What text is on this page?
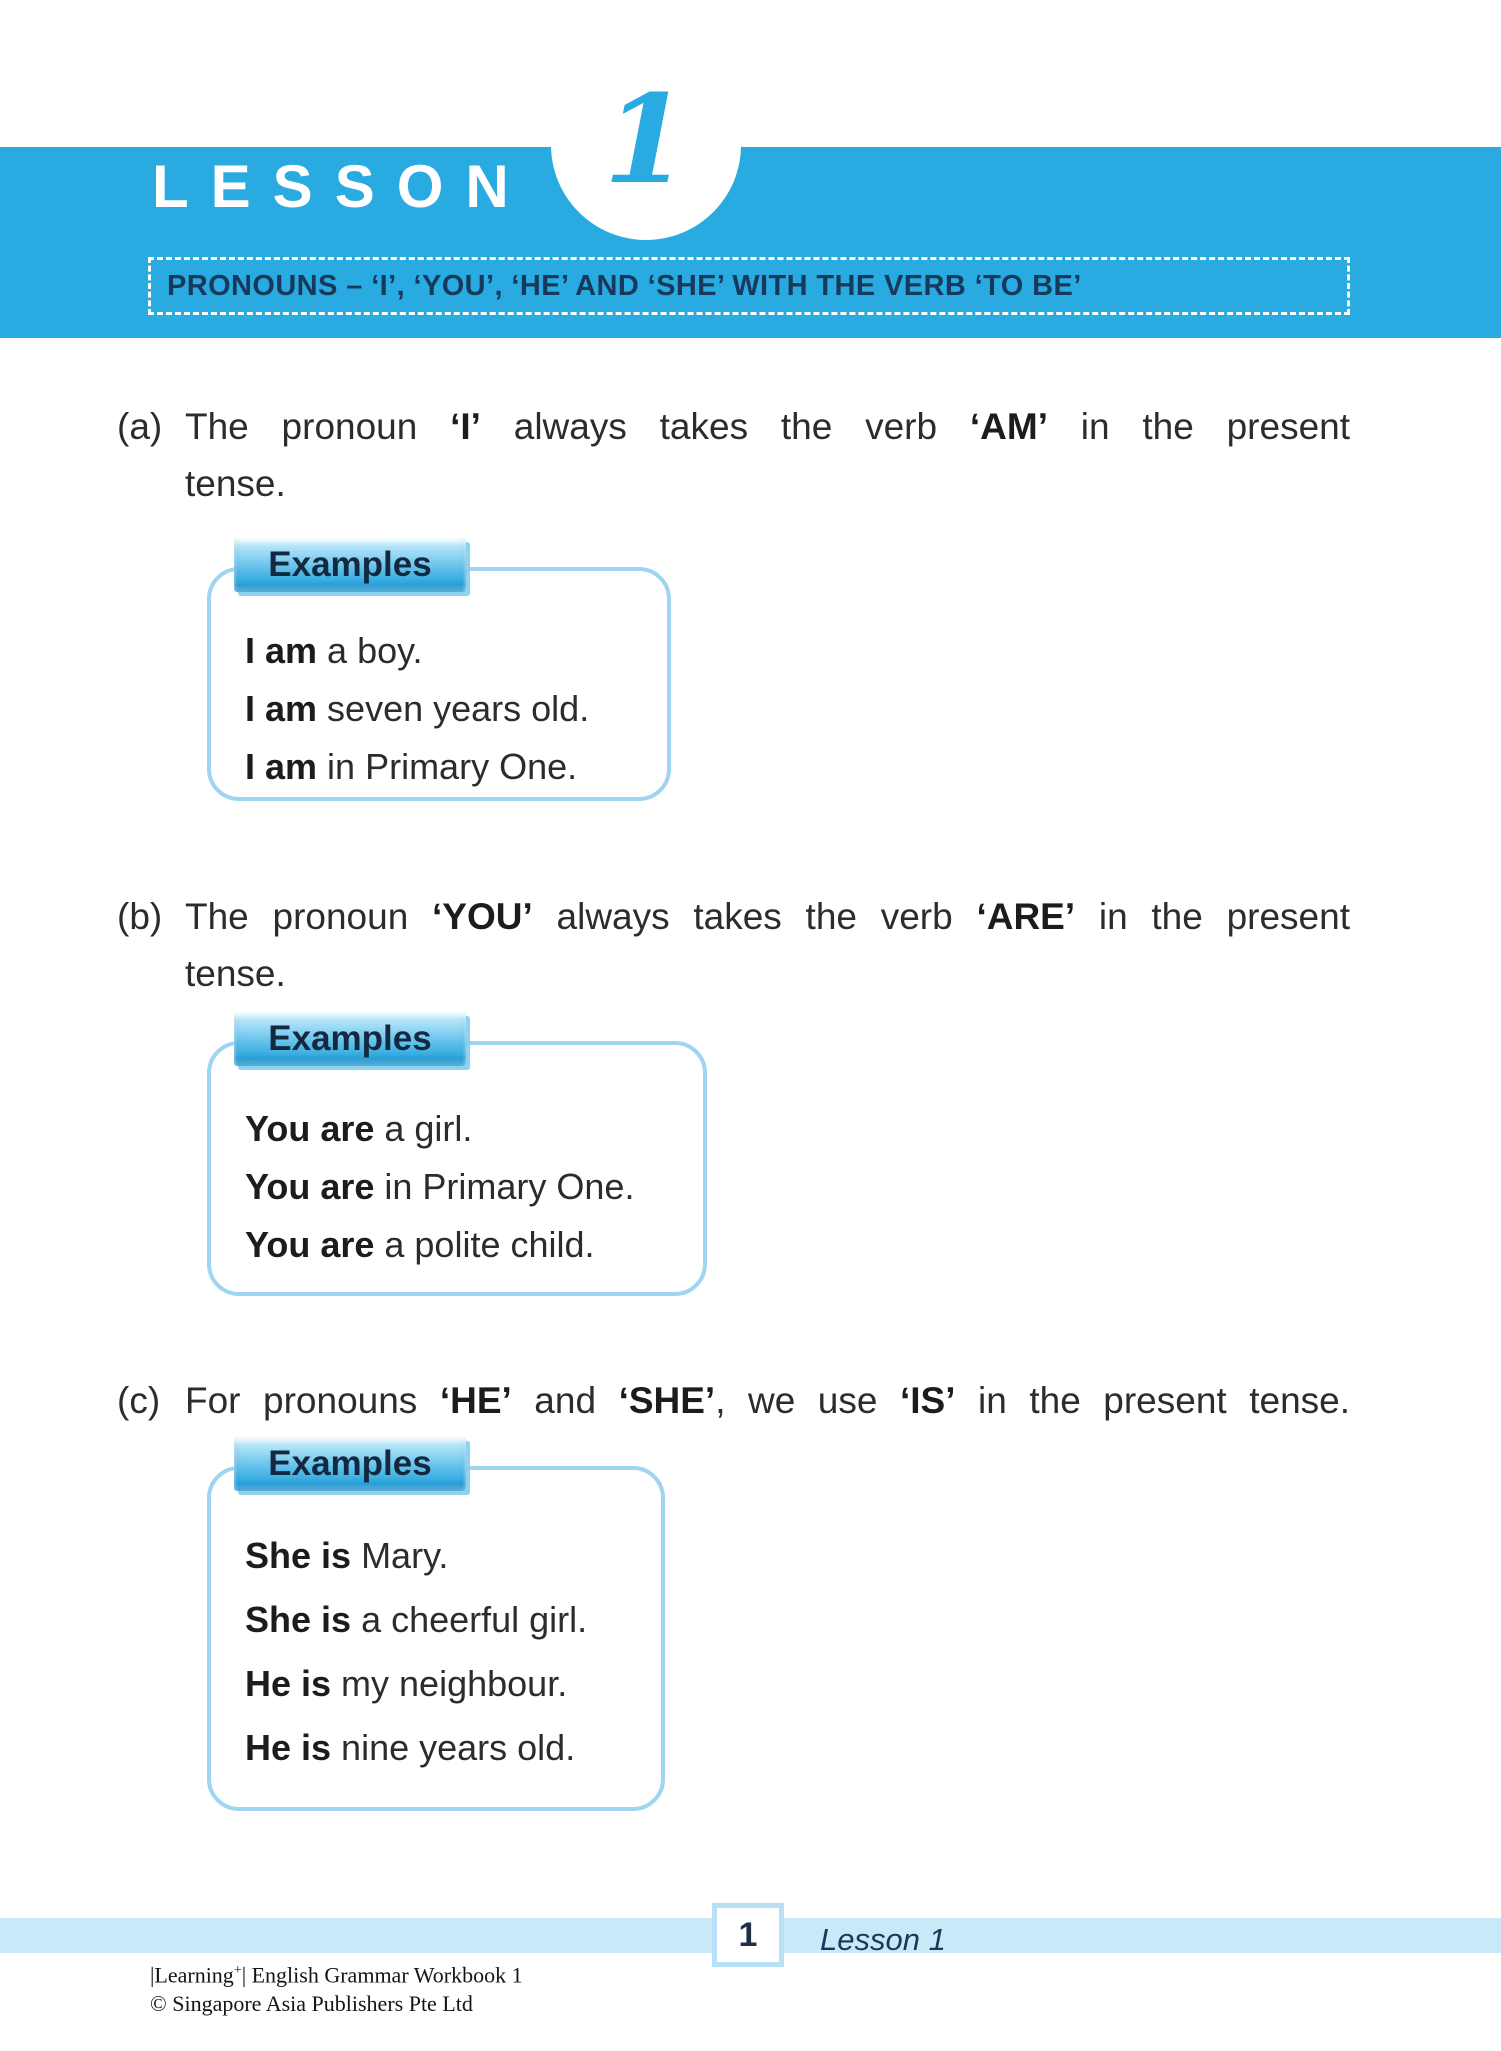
1
LESSON
PRONOUNS – ‘I’, ‘YOU’, ‘HE’ AND ‘SHE’ WITH THE VERB ‘TO BE’
(a) The pronoun ‘I’ always takes the verb ‘AM’ in the present
tense.
Examples
I am a boy.
I am seven years old.
I am in Primary One.
(b) The pronoun ‘YOU’ always takes the verb ‘ARE’ in the present
tense.
Examples
You are a girl.
You are in Primary One.
You are a polite child.
(c) For pronouns ‘HE’ and ‘SHE’, we use ‘IS’ in the present tense.
Examples
She is Mary.
She is a cheerful girl.
He is my neighbour.
He is nine years old.
1 Lesson 1
|Learning+| English Grammar Workbook 1
© Singapore Asia Publishers Pte Ltd
